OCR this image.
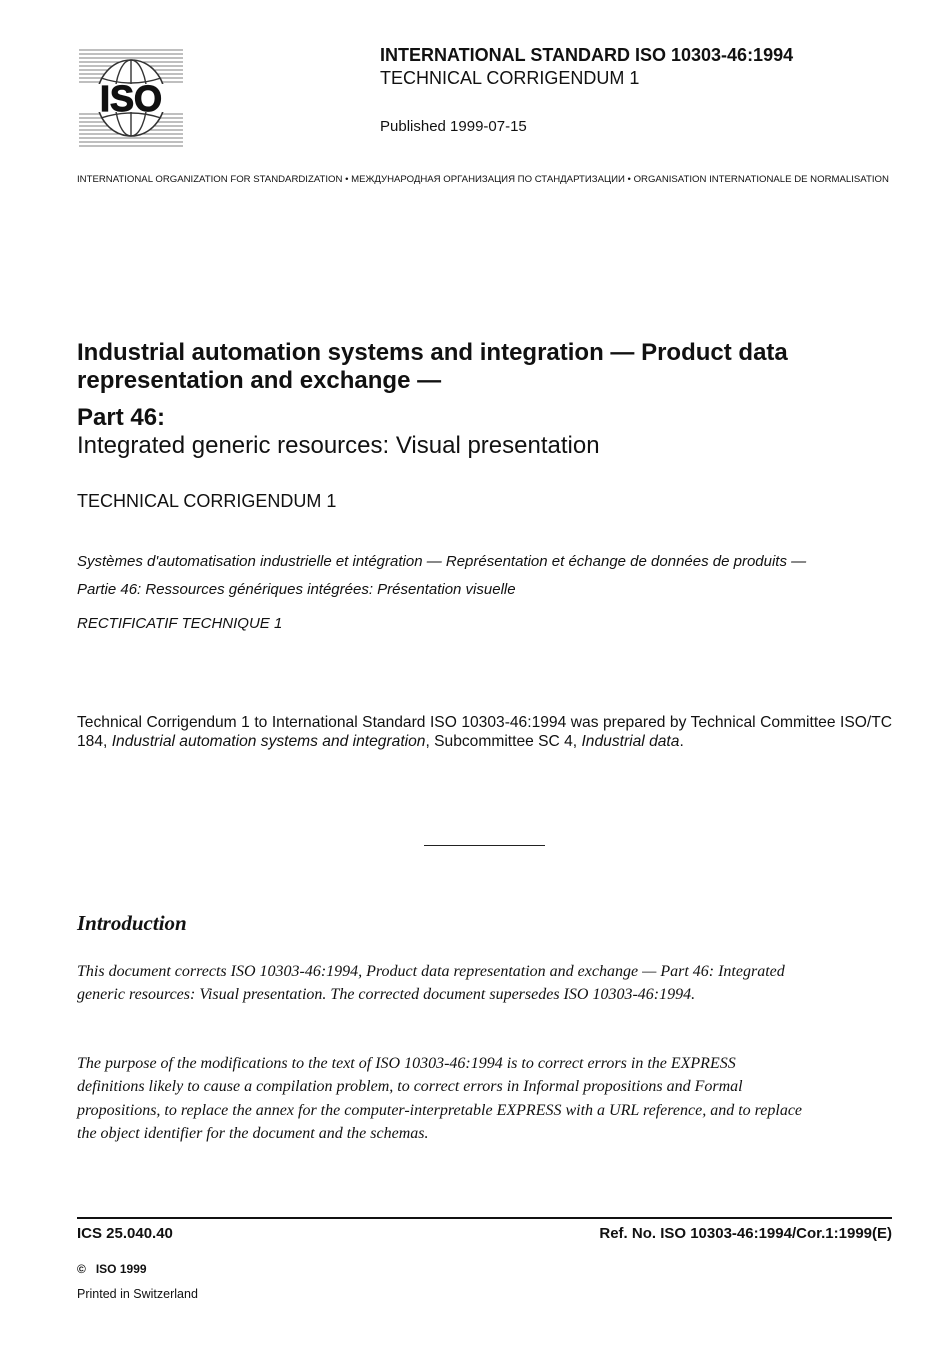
ISO
INTERNATIONAL STANDARD ISO 10303-46:1994
TECHNICAL CORRIGENDUM 1
Published 1999-07-15
INTERNATIONAL ORGANIZATION FOR STANDARDIZATION • МЕЖДУНАРОДНАЯ ОРГАНИЗАЦИЯ ПО СТАНДАРТИЗАЦИИ • ORGANISATION INTERNATIONALE DE NORMALISATION
Industrial automation systems and integration — Product data representation and exchange —
Part 46:
Integrated generic resources: Visual presentation
TECHNICAL CORRIGENDUM 1
Systèmes d'automatisation industrielle et intégration — Représentation et échange de données de produits —
Partie 46: Ressources génériques intégrées: Présentation visuelle
RECTIFICATIF TECHNIQUE 1
Technical Corrigendum 1 to International Standard ISO 10303-46:1994 was prepared by Technical Committee ISO/TC 184, Industrial automation systems and integration, Subcommittee SC 4, Industrial data.
Introduction
This document corrects ISO 10303-46:1994, Product data representation and exchange — Part 46: Integrated generic resources: Visual presentation. The corrected document supersedes ISO 10303-46:1994.
The purpose of the modifications to the text of ISO 10303-46:1994 is to correct errors in the EXPRESS definitions likely to cause a compilation problem, to correct errors in Informal propositions and Formal propositions, to replace the annex for the computer-interpretable EXPRESS with a URL reference, and to replace the object identifier for the document and the schemas.
ICS 25.040.40	Ref. No. ISO 10303-46:1994/Cor.1:1999(E)
© ISO 1999
Printed in Switzerland
